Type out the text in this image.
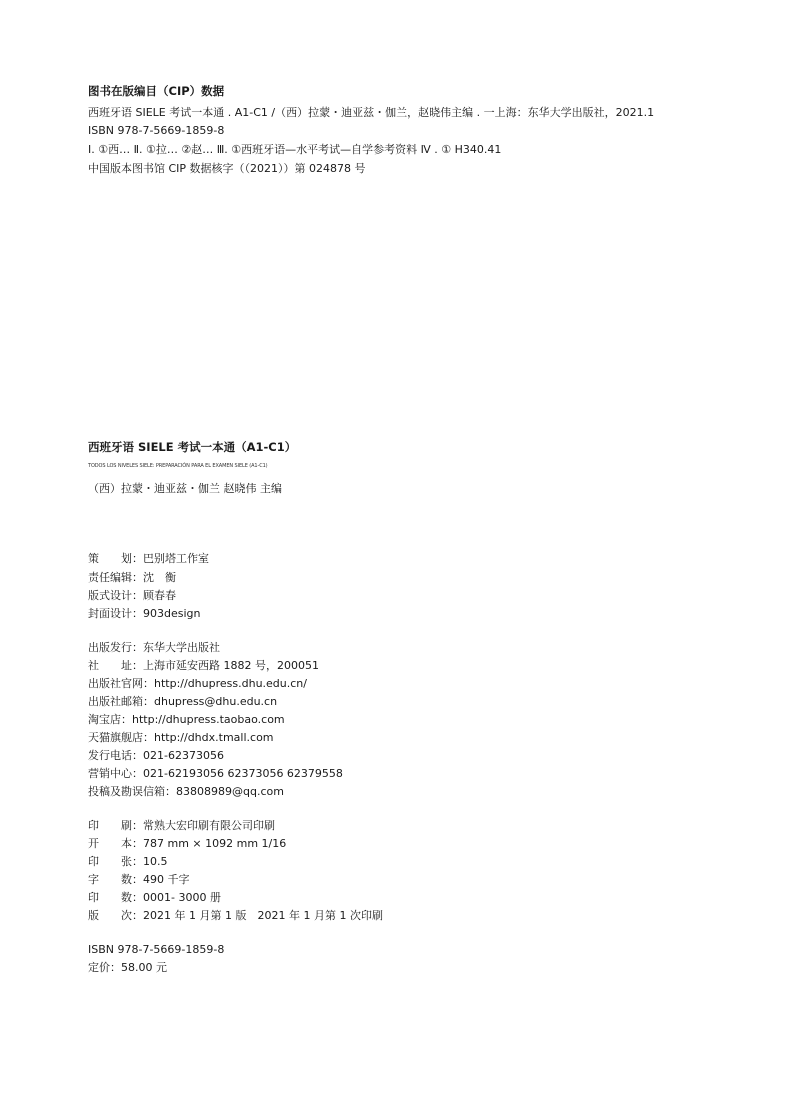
图书在版编目（CIP）数据
西班牙语 SIELE 考试一本通 . A1-C1 /（西）拉蒙・迪亚兹・伽兰，赵晓伟主编 . 一上海：东华大学出版社，2021.1
ISBN 978-7-5669-1859-8
Ⅰ. ①西… Ⅱ. ①拉… ②赵… Ⅲ. ①西班牙语—水平考试—自学参考资料 Ⅳ . ① H340.41
中国版本图书馆 CIP 数据核字（（2021））第 024878 号
西班牙语 SIELE 考试一本通（A1-C1）
TODOS LOS NIVELES SIELE: PREPARACIÓN PARA EL EXAMEN SIELE (A1-C1)
（西）拉蒙・迪亚兹・伽兰 赵晓伟 主编
策　　划：巴别塔工作室
责任编辑：沈　衡
版式设计：顾春春
封面设计：903design
出版发行：东华大学出版社
社　　址：上海市延安西路 1882 号，200051
出版社官网：http://dhupress.dhu.edu.cn/
出版社邮箱：dhupress@dhu.edu.cn
淘宝店：http://dhupress.taobao.com
天猫旗舰店：http://dhdx.tmall.com
发行电话：021-62373056
营销中心：021-62193056 62373056 62379558
投稿及勘误信箱：83808989@qq.com
印　　刷：常熟大宏印刷有限公司印刷
开　　本：787 mm × 1092 mm 1/16
印　　张：10.5
字　　数：490 千字
印　　数：0001- 3000 册
版　　次：2021 年 1 月第 1 版　2021 年 1 月第 1 次印刷
ISBN 978-7-5669-1859-8
定价：58.00 元
